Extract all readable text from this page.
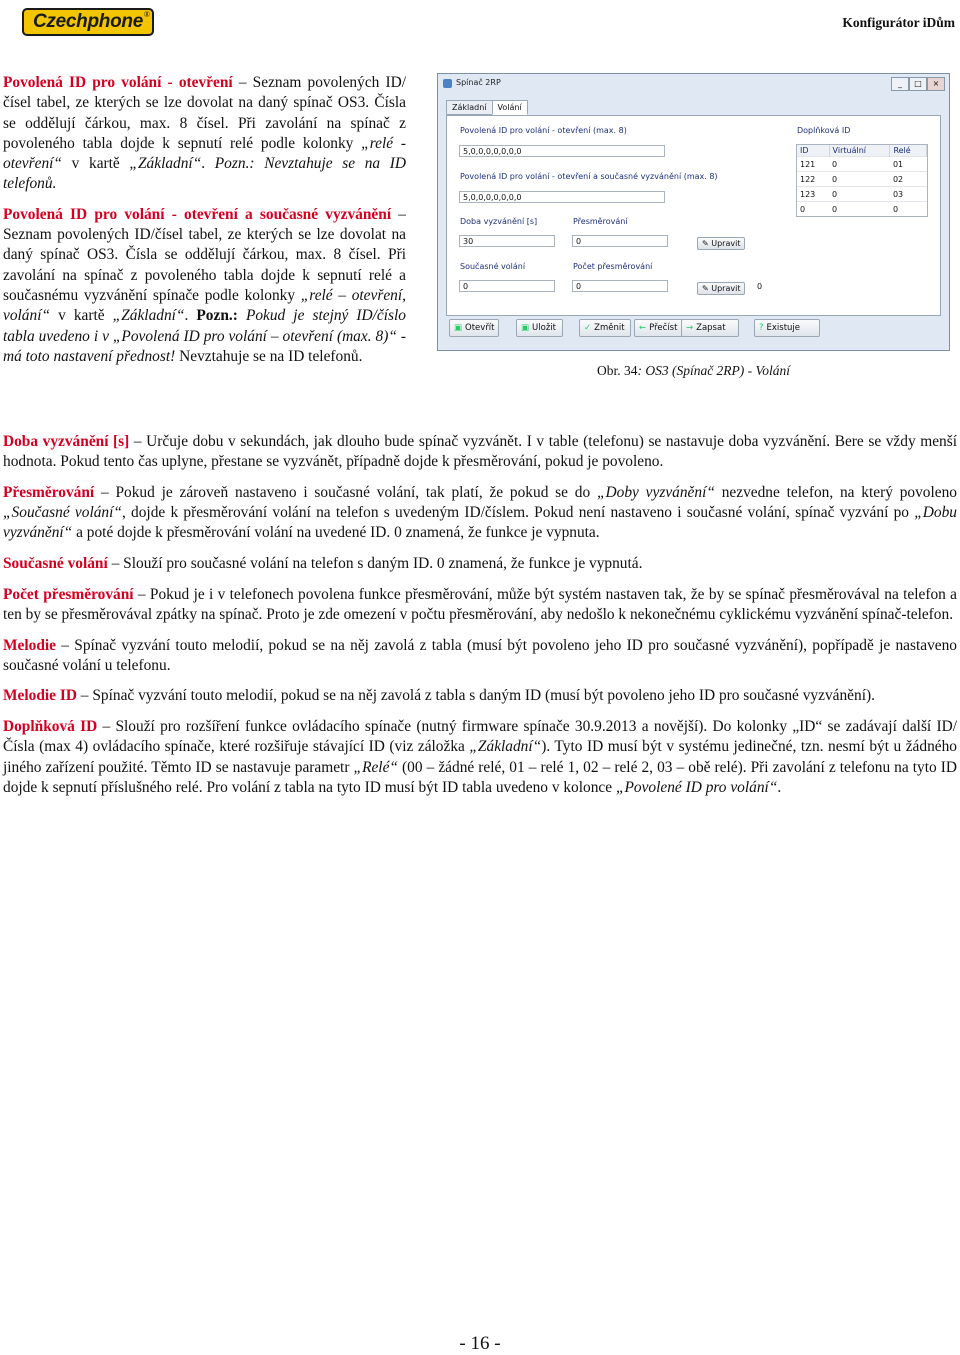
Czechphone ®
Konfigurátor iDům

Povolená ID pro volání - otevření – Seznam povolených ID/čísel tabel, ze kterých se lze dovolat na daný spínač OS3. Čísla se oddělují čárkou, max. 8 čísel. Při zavolání na spínač z povoleného tabla dojde k sepnutí relé podle kolonky „relé - otevření“ v kartě „Základní“. Pozn.: Nevztahuje se na ID telefonů.

Povolená ID pro volání - otevření a současné vyzvánění – Seznam povolených ID/čísel tabel, ze kterých se lze dovolat na daný spínač OS3. Čísla se oddělují čárkou, max. 8 čísel. Při zavolání na spínač z povoleného tabla dojde k sepnutí relé a současnému vyzvánění spínače podle kolonky „relé – otevření, volání“ v kartě „Základní“. Pozn.: Pokud je stejný ID/číslo tabla uvedeno i v „Povolená ID pro volání – otevření (max. 8)“ - má toto nastavení přednost! Nevztahuje se na ID telefonů.

Spínač 2RP	_	□	×
Základní Volání
Povolená ID pro volání - otevření (max. 8)
5,0,0,0,0,0,0,0
Povolená ID pro volání - otevření a současné vyzvánění (max. 8)
5,0,0,0,0,0,0,0
Doba vyzvánění [s]
30
Přesměrování
0	✎ Upravit
Současné volání
0
Počet přesměrování
0	✎ Upravit	0
Doplňková ID
ID	Virtuální	Relé
121	0	01
122	0	02
123	0	03
0	0	0
▣ Otevřít	▣ Uložit	✓ Změnit	← Přečíst	→ Zapsat	? Existuje
Obr. 34: OS3 (Spínač 2RP) - Volání

Doba vyzvánění [s] – Určuje dobu v sekundách, jak dlouho bude spínač vyzvánět. I v table (telefonu) se nastavuje doba vyzvánění. Bere se vždy menší hodnota. Pokud tento čas uplyne, přestane se vyzvánět, případně dojde k přesměrování, pokud je povoleno.

Přesměrování – Pokud je zároveň nastaveno i současné volání, tak platí, že pokud se do „Doby vyzvánění“ nezvedne telefon, na který povoleno „Současné volání“, dojde k přesměrování volání na telefon s uvedeným ID/číslem. Pokud není nastaveno i současné volání, spínač vyzvání po „Dobu vyzvánění“ a poté dojde k přesměrování volání na uvedené ID. 0 znamená, že funkce je vypnuta.

Současné volání – Slouží pro současné volání na telefon s daným ID. 0 znamená, že funkce je vypnutá.

Počet přesměrování – Pokud je i v telefonech povolena funkce přesměrování, může být systém nastaven tak, že by se spínač přesměrovával na telefon a ten by se přesměrovával zpátky na spínač. Proto je zde omezení v počtu přesměrování, aby nedošlo k nekonečnému cyklickému vyzvánění spínač-telefon.

Melodie – Spínač vyzvání touto melodií, pokud se na něj zavolá z tabla (musí být povoleno jeho ID pro současné vyzvánění), popřípadě je nastaveno současné volání u telefonu.

Melodie ID – Spínač vyzvání touto melodií, pokud se na něj zavolá z tabla s daným ID (musí být povoleno jeho ID pro současné vyzvánění).

Doplňková ID – Slouží pro rozšíření funkce ovládacího spínače (nutný firmware spínače 30.9.2013 a novější). Do kolonky „ID“ se zadávají další ID/Čísla (max 4) ovládacího spínače, které rozšiřuje stávající ID (viz záložka „Základní“). Tyto ID musí být v systému jedinečné, tzn. nesmí být u žádného jiného zařízení použité. Těmto ID se nastavuje parametr „Relé“ (00 – žádné relé, 01 – relé 1, 02 – relé 2, 03 – obě relé). Při zavolání z telefonu na tyto ID dojde k sepnutí příslušného relé. Pro volání z tabla na tyto ID musí být ID tabla uvedeno v kolonce „Povolené ID pro volání“.

- 16 -
